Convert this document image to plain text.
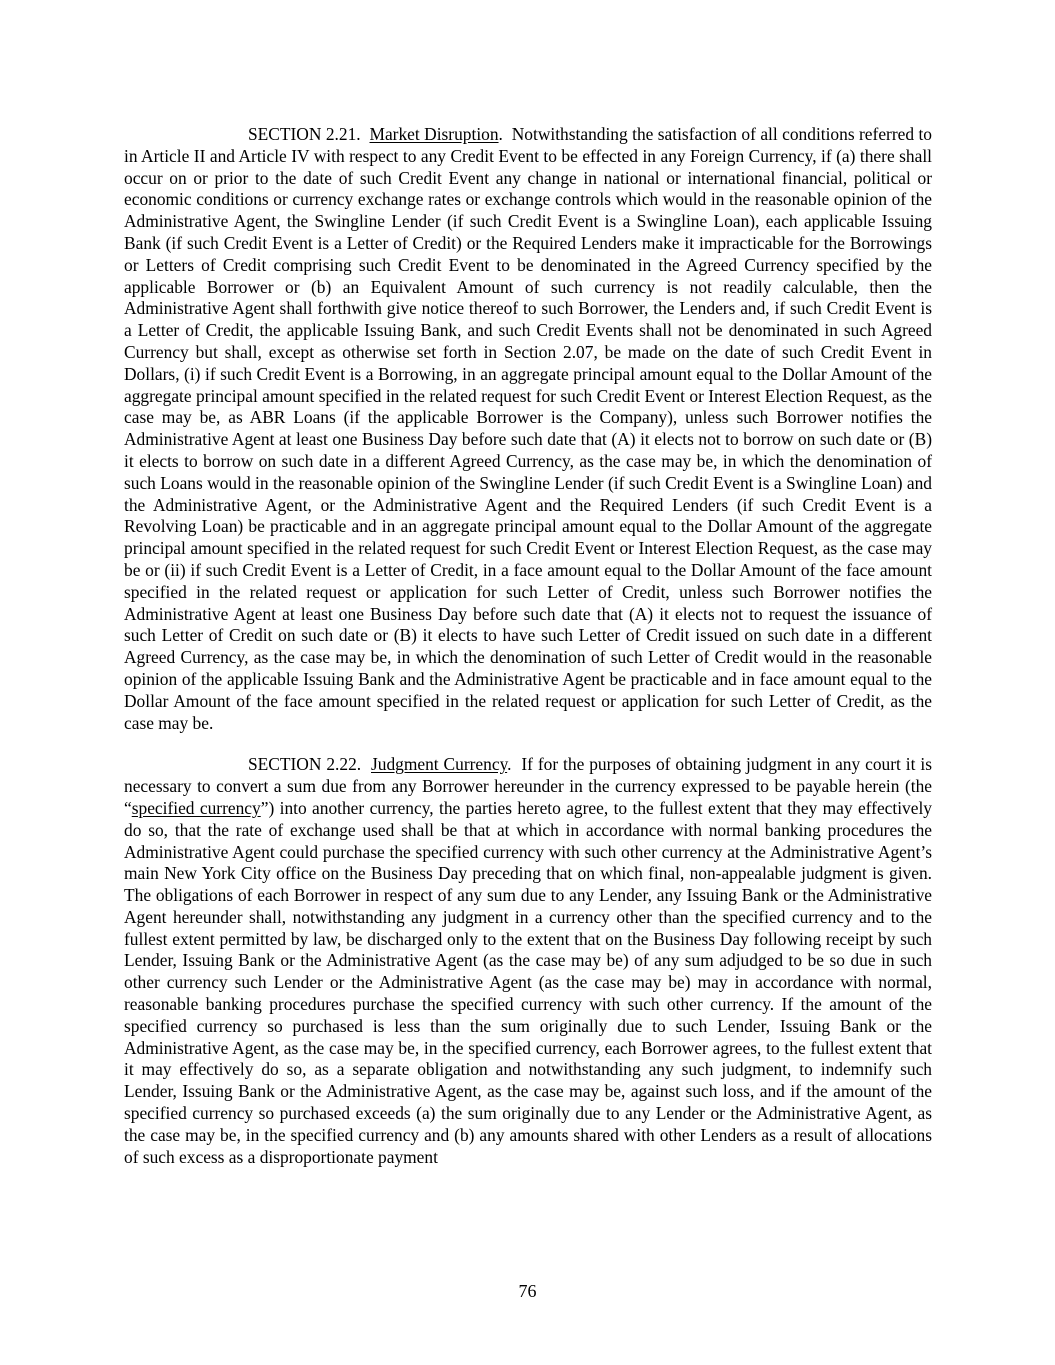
SECTION 2.21. Market Disruption.  Notwithstanding the satisfaction of all conditions referred to in Article II and Article IV with respect to any Credit Event to be effected in any Foreign Currency, if (a) there shall occur on or prior to the date of such Credit Event any change in national or international financial, political or economic conditions or currency exchange rates or exchange controls which would in the reasonable opinion of the Administrative Agent, the Swingline Lender (if such Credit Event is a Swingline Loan), each applicable Issuing Bank (if such Credit Event is a Letter of Credit) or the Required Lenders make it impracticable for the Borrowings or Letters of Credit comprising such Credit Event to be denominated in the Agreed Currency specified by the applicable Borrower or (b) an Equivalent Amount of such currency is not readily calculable, then the Administrative Agent shall forthwith give notice thereof to such Borrower, the Lenders and, if such Credit Event is a Letter of Credit, the applicable Issuing Bank, and such Credit Events shall not be denominated in such Agreed Currency but shall, except as otherwise set forth in Section 2.07, be made on the date of such Credit Event in Dollars, (i) if such Credit Event is a Borrowing, in an aggregate principal amount equal to the Dollar Amount of the aggregate principal amount specified in the related request for such Credit Event or Interest Election Request, as the case may be, as ABR Loans (if the applicable Borrower is the Company), unless such Borrower notifies the Administrative Agent at least one Business Day before such date that (A) it elects not to borrow on such date or (B) it elects to borrow on such date in a different Agreed Currency, as the case may be, in which the denomination of such Loans would in the reasonable opinion of the Swingline Lender (if such Credit Event is a Swingline Loan) and the Administrative Agent, or the Administrative Agent and the Required Lenders (if such Credit Event is a Revolving Loan) be practicable and in an aggregate principal amount equal to the Dollar Amount of the aggregate principal amount specified in the related request for such Credit Event or Interest Election Request, as the case may be or (ii) if such Credit Event is a Letter of Credit, in a face amount equal to the Dollar Amount of the face amount specified in the related request or application for such Letter of Credit, unless such Borrower notifies the Administrative Agent at least one Business Day before such date that (A) it elects not to request the issuance of such Letter of Credit on such date or (B) it elects to have such Letter of Credit issued on such date in a different Agreed Currency, as the case may be, in which the denomination of such Letter of Credit would in the reasonable opinion of the applicable Issuing Bank and the Administrative Agent be practicable and in face amount equal to the Dollar Amount of the face amount specified in the related request or application for such Letter of Credit, as the case may be.

SECTION 2.22. Judgment Currency.  If for the purposes of obtaining judgment in any court it is necessary to convert a sum due from any Borrower hereunder in the currency expressed to be payable herein (the “specified currency”) into another currency, the parties hereto agree, to the fullest extent that they may effectively do so, that the rate of exchange used shall be that at which in accordance with normal banking procedures the Administrative Agent could purchase the specified currency with such other currency at the Administrative Agent’s main New York City office on the Business Day preceding that on which final, non-appealable judgment is given. The obligations of each Borrower in respect of any sum due to any Lender, any Issuing Bank or the Administrative Agent hereunder shall, notwithstanding any judgment in a currency other than the specified currency and to the fullest extent permitted by law, be discharged only to the extent that on the Business Day following receipt by such Lender, Issuing Bank or the Administrative Agent (as the case may be) of any sum adjudged to be so due in such other currency such Lender or the Administrative Agent (as the case may be) may in accordance with normal, reasonable banking procedures purchase the specified currency with such other currency. If the amount of the specified currency so purchased is less than the sum originally due to such Lender, Issuing Bank or the Administrative Agent, as the case may be, in the specified currency, each Borrower agrees, to the fullest extent that it may effectively do so, as a separate obligation and notwithstanding any such judgment, to indemnify such Lender, Issuing Bank or the Administrative Agent, as the case may be, against such loss, and if the amount of the specified currency so purchased exceeds (a) the sum originally due to any Lender or the Administrative Agent, as the case may be, in the specified currency and (b) any amounts shared with other Lenders as a result of allocations of such excess as a disproportionate payment

76
